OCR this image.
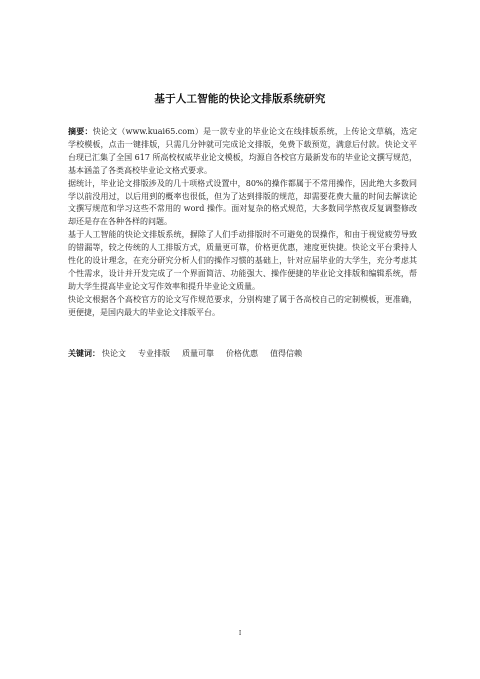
基于人工智能的快论文排版系统研究

摘要：快论文（www.kuai65.com）是一款专业的毕业论文在线排版系统，上传论文草稿，选定学校模板，点击一键排版，只需几分钟就可完成论文排版，免费下载预览，满意后付款。快论文平台现已汇集了全国 617 所高校权威毕业论文模板，均源自各校官方最新发布的毕业论文撰写规范，基本涵盖了各类高校毕业论文格式要求。

据统计，毕业论文排版涉及的几十项格式设置中，80%的操作都属于不常用操作，因此绝大多数同学以前没用过，以后用到的概率也很低，但为了达到排版的规范，却需要花费大量的时间去解读论文撰写规范和学习这些不常用的 word 操作。面对复杂的格式规范，大多数同学熬夜反复调整修改却还是存在各种各样的问题。

基于人工智能的快论文排版系统，摒除了人们手动排版时不可避免的误操作，和由于视觉疲劳导致的错漏等，较之传统的人工排版方式，质量更可靠，价格更优惠，速度更快捷。快论文平台秉持人性化的设计理念，在充分研究分析人们的操作习惯的基础上，针对应届毕业的大学生，充分考虑其个性需求，设计并开发完成了一个界面简洁、功能强大、操作便捷的毕业论文排版和编辑系统，帮助大学生提高毕业论文写作效率和提升毕业论文质量。

快论文根据各个高校官方的论文写作规范要求，分别构建了属于各高校自己的定制模板，更准确，更便捷，是国内最大的毕业论文排版平台。

关键词： 快论文 专业排版 质量可靠 价格优惠 值得信赖
I
